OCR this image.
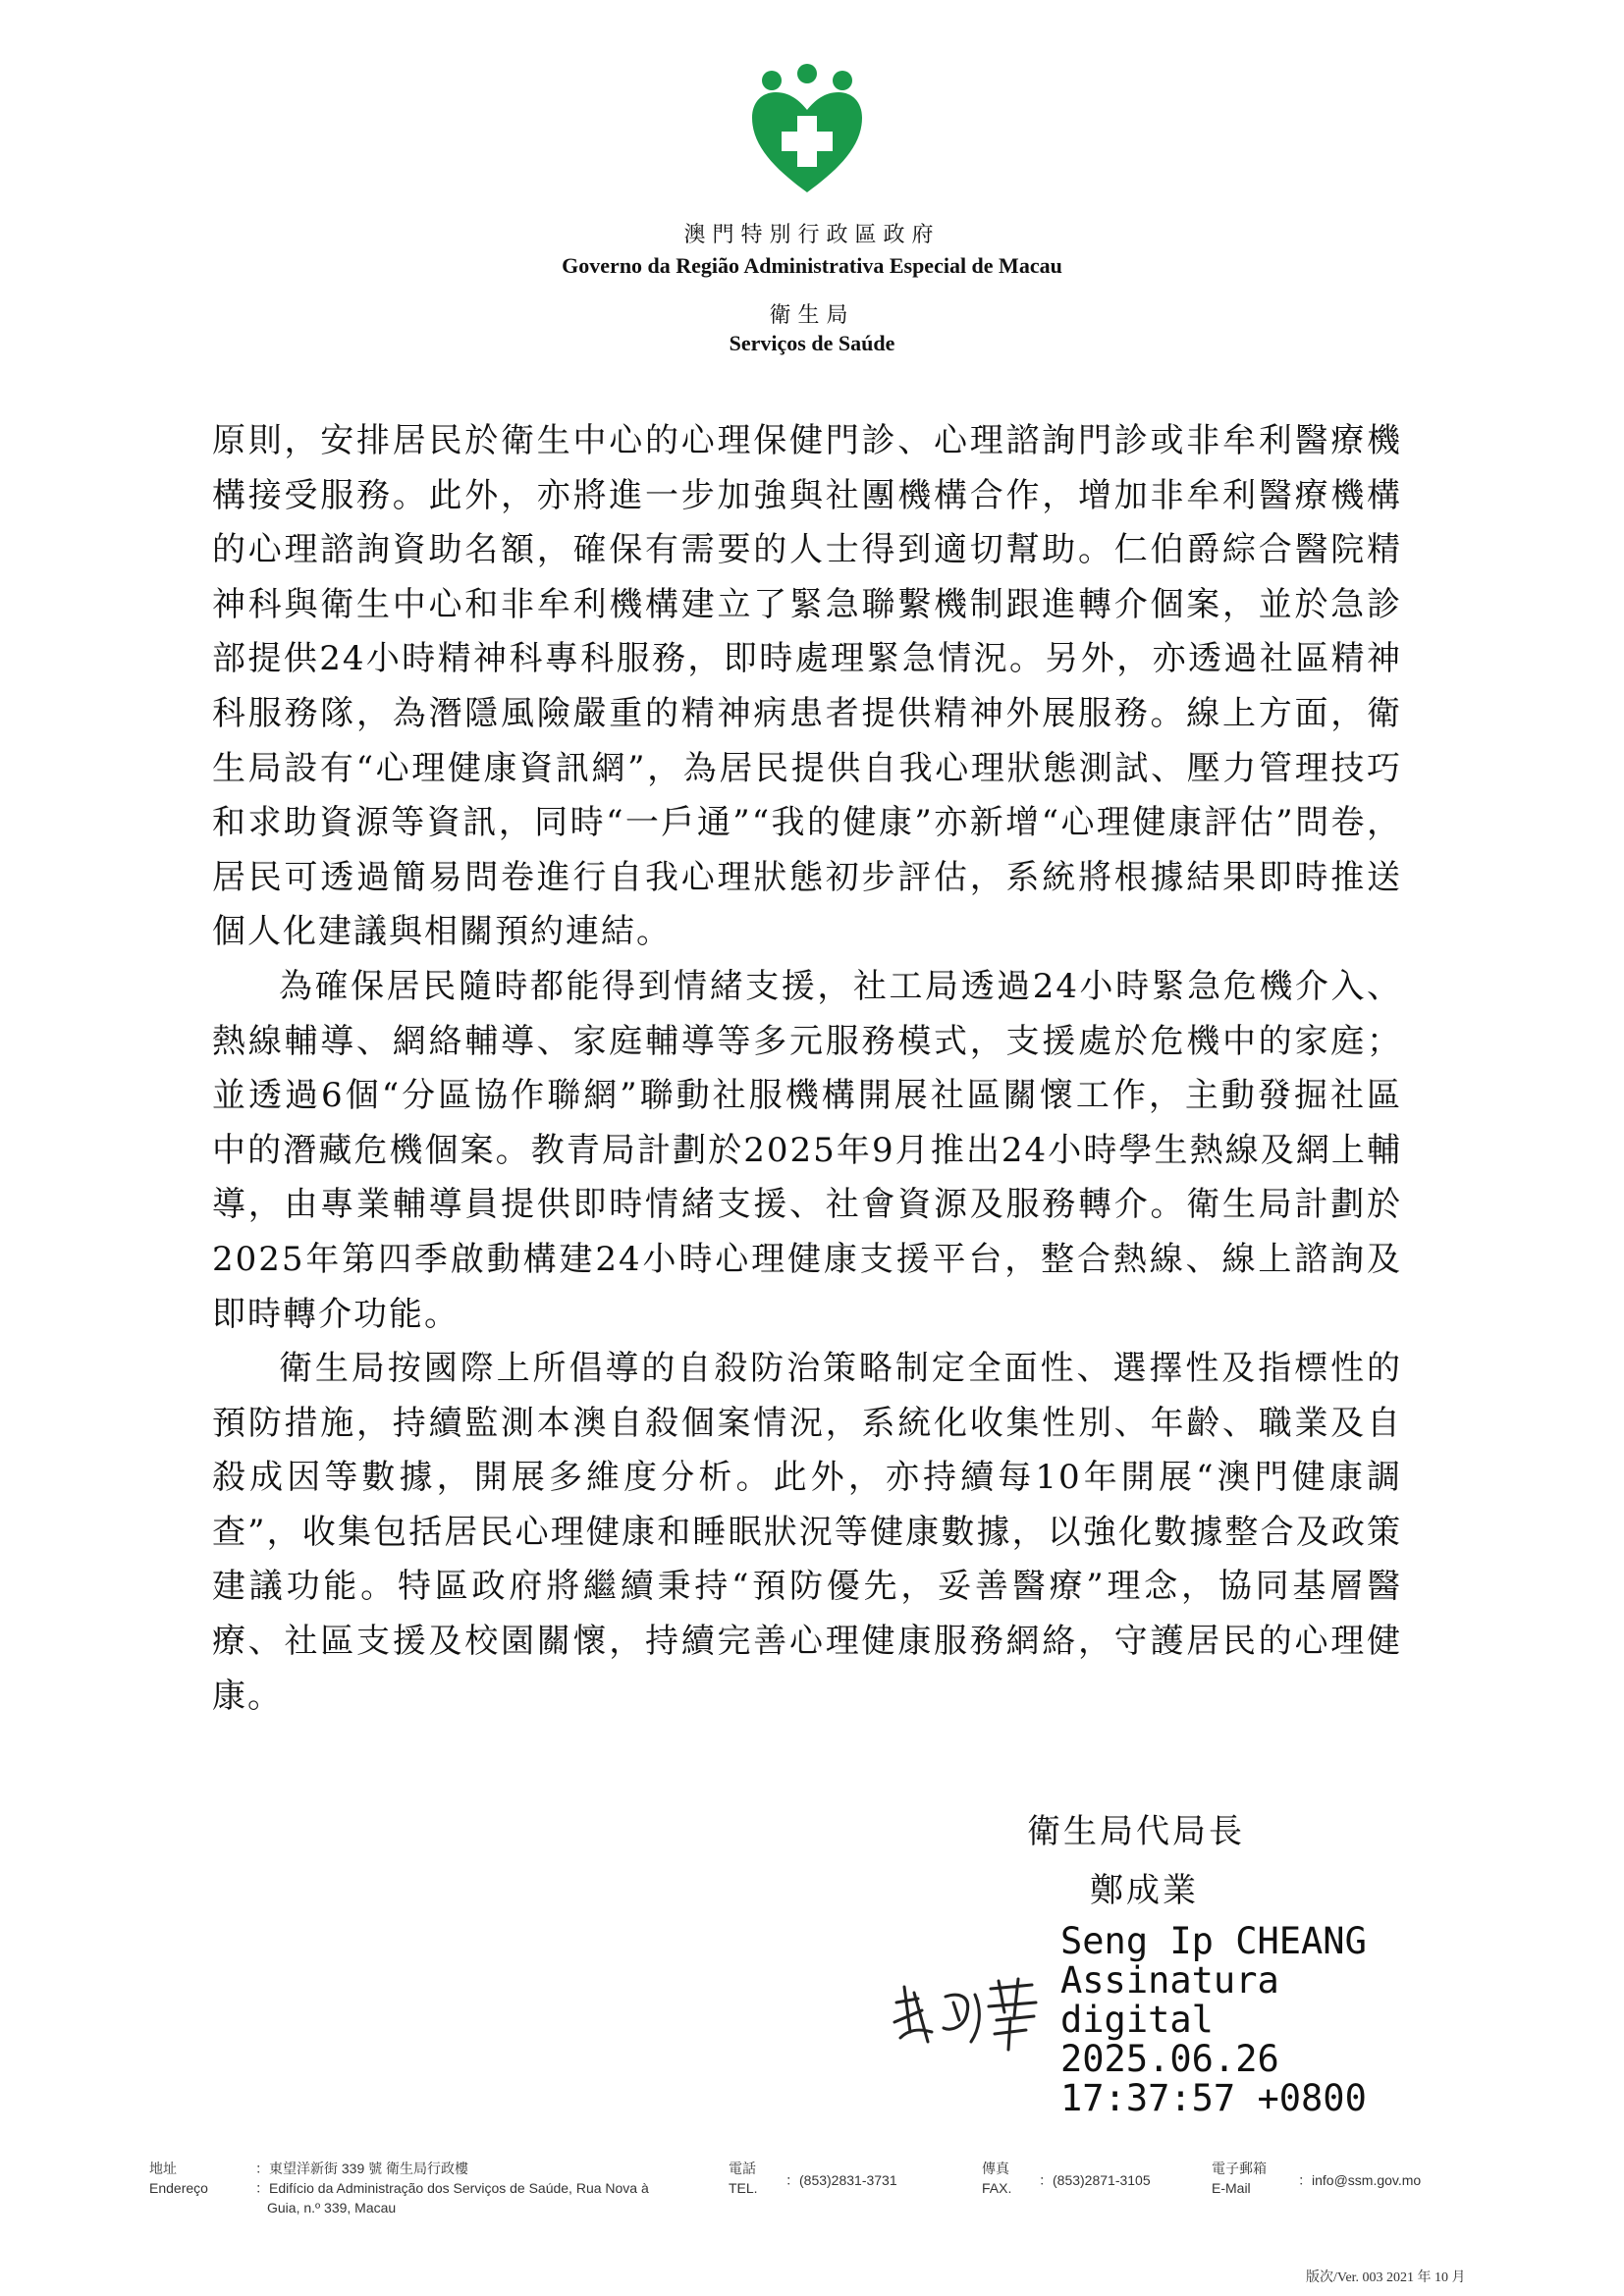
澳門特別行政區政府
Governo da Região Administrativa Especial de Macau
衛生局
Serviços de Saúde

原則，安排居民於衛生中心的心理保健門診、心理諮詢門診或非牟利醫療機構接受服務。此外，亦將進一步加強與社團機構合作，增加非牟利醫療機構的心理諮詢資助名額，確保有需要的人士得到適切幫助。仁伯爵綜合醫院精神科與衛生中心和非牟利機構建立了緊急聯繫機制跟進轉介個案，並於急診部提供24小時精神科專科服務，即時處理緊急情況。另外，亦透過社區精神科服務隊，為潛隱風險嚴重的精神病患者提供精神外展服務。線上方面，衛生局設有“心理健康資訊網”，為居民提供自我心理狀態測試、壓力管理技巧和求助資源等資訊，同時“一戶通”“我的健康”亦新增“心理健康評估”問卷，居民可透過簡易問卷進行自我心理狀態初步評估，系統將根據結果即時推送個人化建議與相關預約連結。

為確保居民隨時都能得到情緒支援，社工局透過24小時緊急危機介入、熱線輔導、網絡輔導、家庭輔導等多元服務模式，支援處於危機中的家庭；並透過6個“分區協作聯網”聯動社服機構開展社區關懷工作，主動發掘社區中的潛藏危機個案。教青局計劃於2025年9月推出24小時學生熱線及網上輔導，由專業輔導員提供即時情緒支援、社會資源及服務轉介。衛生局計劃於2025年第四季啟動構建24小時心理健康支援平台，整合熱線、線上諮詢及即時轉介功能。

衛生局按國際上所倡導的自殺防治策略制定全面性、選擇性及指標性的預防措施，持續監測本澳自殺個案情況，系統化收集性別、年齡、職業及自殺成因等數據，開展多維度分析。此外，亦持續每10年開展“澳門健康調查”，收集包括居民心理健康和睡眠狀況等健康數據，以強化數據整合及政策建議功能。特區政府將繼續秉持“預防優先，妥善醫療”理念，協同基層醫療、社區支援及校園關懷，持續完善心理健康服務網絡，守護居民的心理健康。

衛生局代局長
鄭成業
Seng Ip CHEANG
Assinatura
digital
2025.06.26
17:37:57 +0800
地址
Endereço
：東望洋新街 339 號 衛生局行政樓
：Edifício da Administração dos Serviços de Saúde, Rua Nova à
Guia, n.º 339, Macau
電話
TEL. ：(853)2831-3731
傳真
FAX. ：(853)2871-3105
電子郵箱
E-Mail	：info@ssm.gov.mo
版次/Ver. 003 2021 年 10 月
